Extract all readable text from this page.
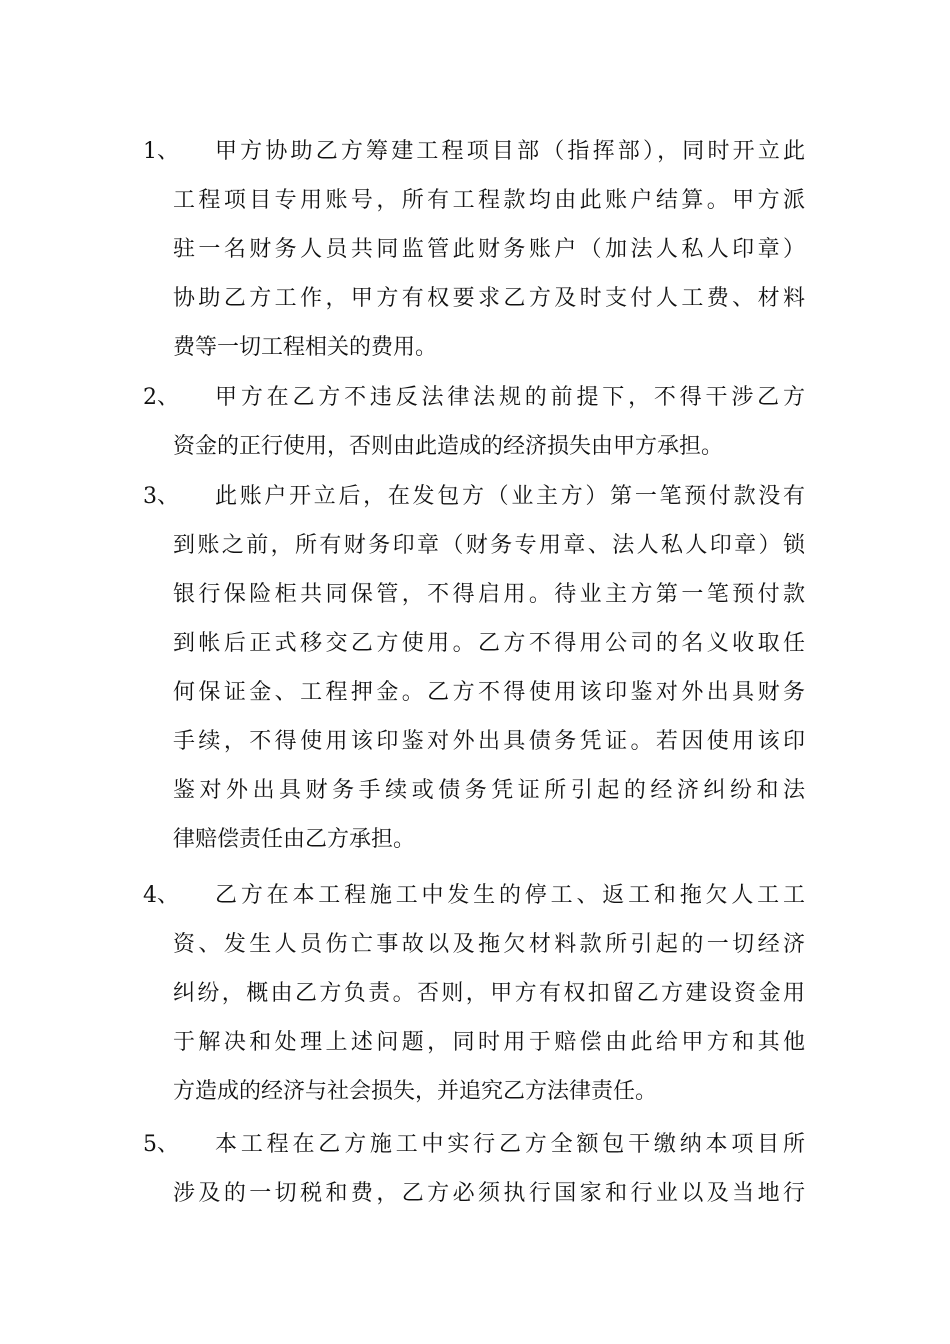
1、 甲方协助乙方筹建工程项目部（指挥部），同时开立此
工程项目专用账号，所有工程款均由此账户结算。甲方派
驻一名财务人员共同监管此财务账户（加法人私人印章）
协助乙方工作，甲方有权要求乙方及时支付人工费、材料
费等一切工程相关的费用。
2、 甲方在乙方不违反法律法规的前提下，不得干涉乙方
资金的正行使用，否则由此造成的经济损失由甲方承担。
3、 此账户开立后，在发包方（业主方）第一笔预付款没有
到账之前，所有财务印章（财务专用章、法人私人印章）锁
银行保险柜共同保管，不得启用。待业主方第一笔预付款
到帐后正式移交乙方使用。乙方不得用公司的名义收取任
何保证金、工程押金。乙方不得使用该印鉴对外出具财务
手续，不得使用该印鉴对外出具债务凭证。若因使用该印
鉴对外出具财务手续或债务凭证所引起的经济纠纷和法
律赔偿责任由乙方承担。
4、 乙方在本工程施工中发生的停工、返工和拖欠人工工
资、发生人员伤亡事故以及拖欠材料款所引起的一切经济
纠纷，概由乙方负责。否则，甲方有权扣留乙方建设资金用
于解决和处理上述问题，同时用于赔偿由此给甲方和其他
方造成的经济与社会损失，并追究乙方法律责任。
5、 本工程在乙方施工中实行乙方全额包干缴纳本项目所
涉及的一切税和费，乙方必须执行国家和行业以及当地行
